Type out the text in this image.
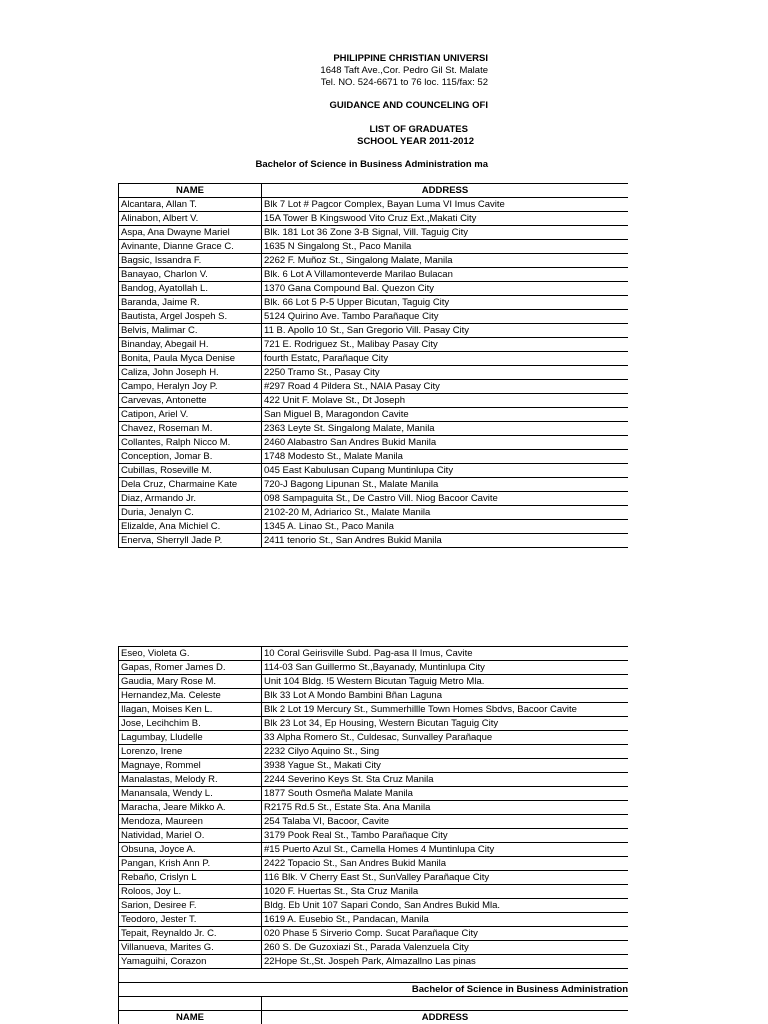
PHILIPPINE CHRISTIAN UNIVERSI
1648 Taft Ave.,Cor. Pedro Gil St. Malate
Tel. NO. 524-6671 to 76 loc. 115/fax: 52
GUIDANCE AND COUNCELING OFI
LIST OF GRADUATES
SCHOOL YEAR 2011-2012
Bachelor of Science in Business Administration ma
NAME	ADDRESS
Alcantara, Allan T.	Blk 7 Lot # Pagcor Complex, Bayan Luma VI Imus Cavite
Alinabon, Albert V.	15A Tower B Kingswood Vito Cruz Ext.,Makati City
Aspa, Ana Dwayne Mariel	Blk. 181 Lot 36 Zone 3-B Signal, Vill. Taguig City
Avinante, Dianne Grace C.	1635 N Singalong St., Paco Manila
Bagsic, Issandra F.	2262 F. Muñoz St., Singalong Malate, Manila
Banayao, Charlon V.	Blk. 6 Lot A Villamonteverde Marilao Bulacan
Bandog, Ayatollah L.	1370 Gana Compound Bal. Quezon City
Baranda, Jaime R.	Blk. 66 Lot 5 P-5 Upper Bicutan, Taguig City
Bautista, Argel Jospeh S.	5124 Quirino Ave. Tambo Parañaque City
Belvis, Malimar C.	11 B. Apollo 10 St., San Gregorio Vill. Pasay City
Binanday, Abegail H.	721 E. Rodriguez St., Malibay Pasay City
Bonita, Paula Myca Denise	fourth Estatc, Parañaque City
Caliza, John Joseph H.	2250 Tramo St., Pasay City
Campo, Heralyn Joy P.	#297 Road 4 Pildera St., NAIA Pasay City
Carvevas, Antonette	422 Unit F. Molave St., Dt Joseph
Catipon, Ariel V.	San Miguel B, Maragondon Cavite
Chavez, Roseman M.	2363 Leyte St. Singalong Malate, Manila
Collantes, Ralph Nicco M.	2460 Alabastro San Andres Bukid Manila
Conception, Jomar B.	1748 Modesto St., Malate Manila
Cubillas, Roseville M.	045 East Kabulusan Cupang Muntinlupa City
Dela Cruz, Charmaine Kate	720-J Bagong Lipunan St., Malate Manila
Diaz, Armando Jr.	098 Sampaguita St., De Castro Vill. Niog Bacoor Cavite
Duria, Jenalyn C.	2102-20 M, Adriarico St., Malate Manila
Elizalde, Ana Michiel C.	1345 A. Linao St., Paco Manila
Enerva, Sherryll Jade P.	2411 tenorio St., San Andres Bukid Manila
Eseo, Violeta G.	10 Coral Geirisville Subd. Pag-asa II Imus, Cavite
Gapas, Romer James D.	114-03 San Guillermo St.,Bayanady, Muntinlupa City
Gaudia, Mary Rose M.	Unit 104 Bldg. !5 Western Bicutan Taguig Metro Mla.
Hernandez,Ma. Celeste	Blk 33 Lot A Mondo Bambini Bñan Laguna
Ilagan, Moises Ken L.	Blk 2 Lot 19 Mercury St., Summerhillle Town Homes Sbdvs, Bacoor Cavite
Jose, Lecihchim B.	Blk 23 Lot 34, Ep Housing, Western Bicutan Taguig City
Lagumbay, Lludelle	33 Alpha Romero St., Culdesac, Sunvalley Parañaque
Lorenzo, Irene	2232 Cilyo Aquino St., Sing
Magnaye, Rommel	3938 Yague St., Makati City
Manalastas, Melody R.	2244 Severino Keys St. Sta Cruz Manila
Manansala, Wendy L.	1877 South Osmeña Malate Manila
Maracha, Jeare Mikko A.	R2175 Rd.5 St., Estate Sta. Ana Manila
Mendoza, Maureen	254 Talaba VI, Bacoor, Cavite
Natividad, Mariel O.	3179 Pook Real St., Tambo Parañaque City
Obsuna, Joyce A.	#15 Puerto Azul St., Camella Homes 4 Muntinlupa City
Pangan, Krish Ann P.	2422 Topacio St., San Andres Bukid Manila
Rebaño, Crislyn L	116 Blk. V Cherry East St., SunValley Parañaque City
Roloos, Joy L.	1020 F. Huertas St., Sta Cruz Manila
Sarion, Desiree F.	Bldg. Eb Unit 107 Sapari Condo, San Andres Bukid Mla.
Teodoro, Jester T.	1619 A. Eusebio St., Pandacan, Manila
Tepait, Reynaldo Jr. C.	020 Phase 5 Sirverio Comp. Sucat Parañaque City
Villanueva, Marites G.	260 S. De Guzoxiazi St., Parada Valenzuela City
Yamaguihi, Corazon	22Hope St.,St. Jospeh Park, Almazallno Las pinas

Bachelor of Science in Business Administration	

NAME	ADDRESS
